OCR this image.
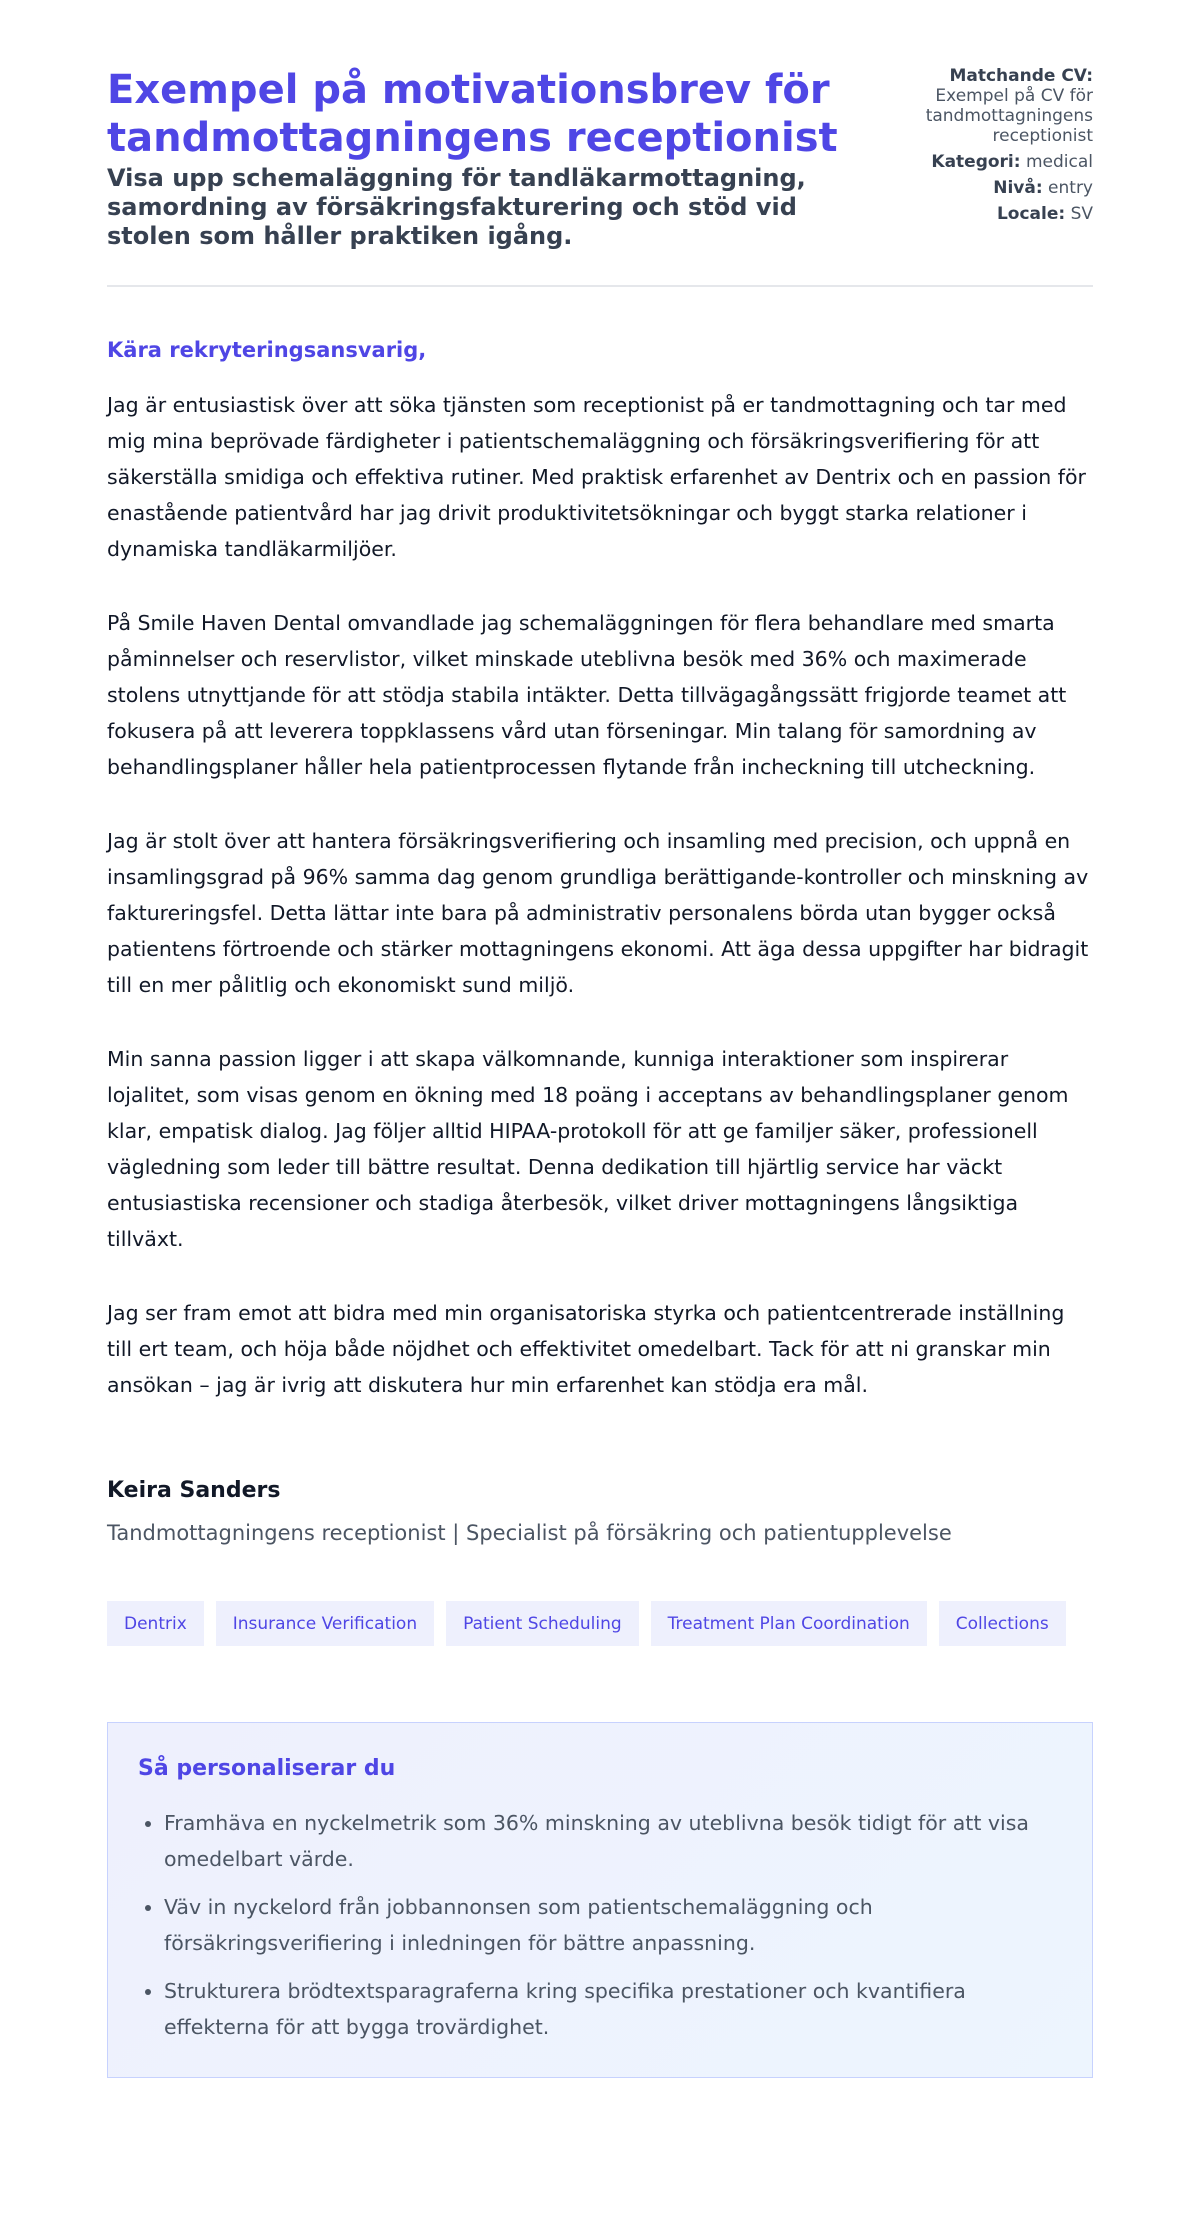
Exempel på motivationsbrev för tandmottagningens receptionist
Visa upp schemaläggning för tandläkarmottagning, samordning av försäkringsfakturering och stöd vid stolen som håller praktiken igång.
Matchande CV:
Exempel på CV för tandmottagningens receptionist
Kategori: medical
Nivå: entry
Locale: SV

Kära rekryteringsansvarig,

Jag är entusiastisk över att söka tjänsten som receptionist på er tandmottagning och tar med mig mina beprövade färdigheter i patientschemaläggning och försäkringsverifiering för att säkerställa smidiga och effektiva rutiner. Med praktisk erfarenhet av Dentrix och en passion för enastående patientvård har jag drivit produktivitetsökningar och byggt starka relationer i dynamiska tandläkarmiljöer.

På Smile Haven Dental omvandlade jag schemaläggningen för flera behandlare med smarta påminnelser och reservlistor, vilket minskade uteblivna besök med 36% och maximerade stolens utnyttjande för att stödja stabila intäkter. Detta tillvägagångssätt frigjorde teamet att fokusera på att leverera toppklassens vård utan förseningar. Min talang för samordning av behandlingsplaner håller hela patientprocessen flytande från incheckning till utcheckning.

Jag är stolt över att hantera försäkringsverifiering och insamling med precision, och uppnå en insamlingsgrad på 96% samma dag genom grundliga berättigande-kontroller och minskning av faktureringsfel. Detta lättar inte bara på administrativ personalens börda utan bygger också patientens förtroende och stärker mottagningens ekonomi. Att äga dessa uppgifter har bidragit till en mer pålitlig och ekonomiskt sund miljö.

Min sanna passion ligger i att skapa välkomnande, kunniga interaktioner som inspirerar lojalitet, som visas genom en ökning med 18 poäng i acceptans av behandlingsplaner genom klar, empatisk dialog. Jag följer alltid HIPAA-protokoll för att ge familjer säker, professionell vägledning som leder till bättre resultat. Denna dedikation till hjärtlig service har väckt entusiastiska recensioner och stadiga återbesök, vilket driver mottagningens långsiktiga tillväxt.

Jag ser fram emot att bidra med min organisatoriska styrka och patientcentrerade inställning till ert team, och höja både nöjdhet och effektivitet omedelbart. Tack för att ni granskar min ansökan – jag är ivrig att diskutera hur min erfarenhet kan stödja era mål.

Keira Sanders

Tandmottagningens receptionist | Specialist på försäkring och patientupplevelse

Dentrix	Insurance Verification	Patient Scheduling	Treatment Plan Coordination	Collections
Så personaliserar du
• Framhäva en nyckelmetrik som 36% minskning av uteblivna besök tidigt för att visa omedelbart värde.
• Väv in nyckelord från jobbannonsen som patientschemaläggning och försäkringsverifiering i inledningen för bättre anpassning.
• Strukturera brödtextsparagraferna kring specifika prestationer och kvantifiera effekterna för att bygga trovärdighet.
